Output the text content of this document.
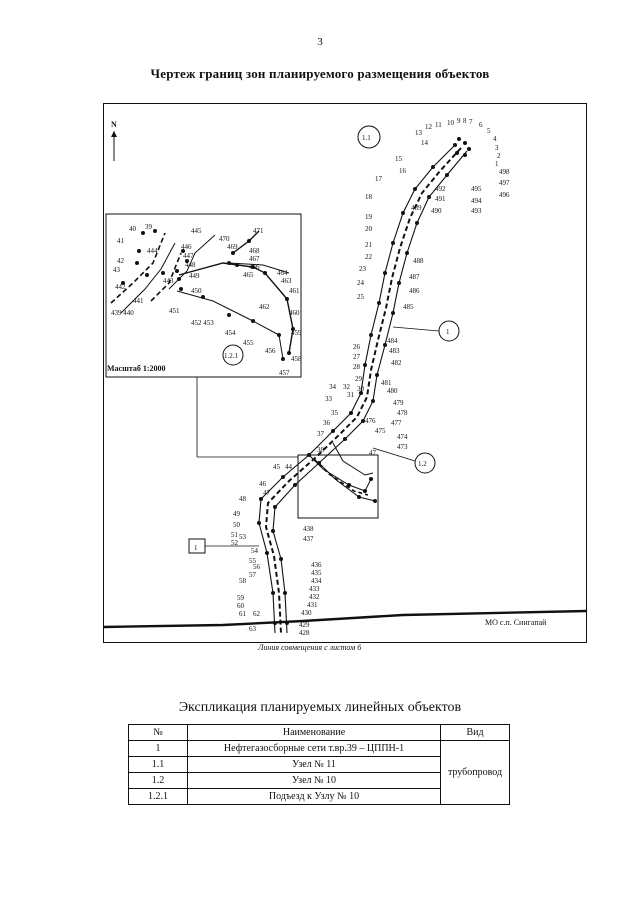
3
Чертеж границ зон планируемого размещения объектов
N
Масштаб 1:2000
1.2.1
40 39
41
42
43
444
442
441
439 440
445
446
447
448
443
449
450
451
452 453
454
455
456
457
458
459
460
461
462
463
464
465
466
467
468
469
470
471
1.1
1
1.2
1
13
14
15
16
17
18
19
20
21
22
23
24
25
26
27
28
29
30
31
32
33
34
35
36
37
38
12 11 10 9 8 7 6
5
4
3
2
1
498
497
496
495
494
493
492
491
490
489
488
487
486
485
484
483
482
481
480
479
478
477
476
475
474
473
47
44
45
46
47
48
49
50
51
52
53
54
55
56
57
58
59
60
61 62
63
438
437
436
435
434
433
432
431
430
429
428
МО с.п. Сингапай
Линия совмещения с листом 6
Экспликация планируемых линейных объектов
№	Наименование	Вид
1	Нефтегазосборные сети т.вр.39 – ЦППН-1	трубопровод
1.1	Узел № 11	
1.2	Узел № 10	
1.2.1	Подъезд к Узлу № 10	
